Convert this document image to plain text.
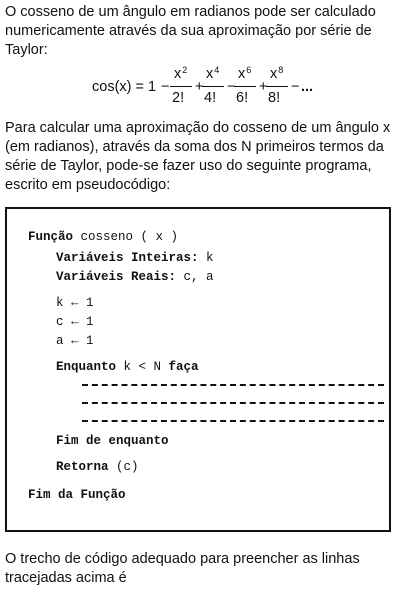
O cosseno de um ângulo em radianos pode ser calculado numericamente através da sua aproximação por série de Taylor:

cos(x) = 1 −
$x^2$
2!
+
$x^4$
4!
−
$x^6$
6!
+
$x^8$
8!
− ...

Para calcular uma aproximação do cosseno de um ângulo x (em radianos), através da soma dos N primeiros termos da série de Taylor, pode-se fazer uso do seguinte programa, escrito em pseudocódigo:

Função cosseno ( x )
Variáveis Inteiras: k
Variáveis Reais: c, a
k ← 1
c ← 1
a ← 1
Enquanto k < N faça
Fim de enquanto
Retorna (c)
Fim da Função

O trecho de código adequado para preencher as linhas tracejadas acima é
